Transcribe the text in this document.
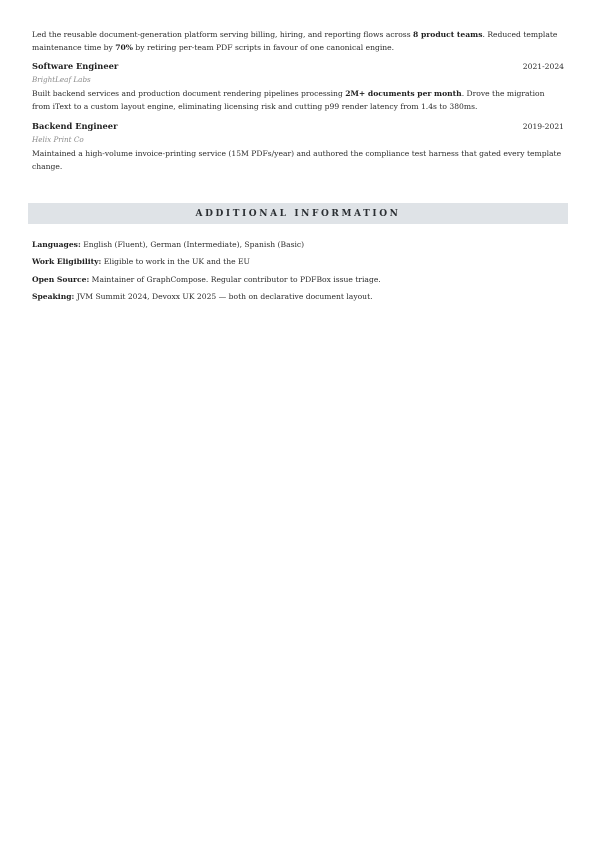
Led the reusable document-generation platform serving billing, hiring, and reporting flows across 8 product teams. Reduced template maintenance time by 70% by retiring per-team PDF scripts in favour of one canonical engine.

Software Engineer	2021-2024

BrightLeaf Labs

Built backend services and production document rendering pipelines processing 2M+ documents per month. Drove the migration from iText to a custom layout engine, eliminating licensing risk and cutting p99 render latency from 1.4s to 380ms.

Backend Engineer	2019-2021

Helix Print Co

Maintained a high-volume invoice-printing service (15M PDFs/year) and authored the compliance test harness that gated every template change.

ADDITIONAL INFORMATION

Languages: English (Fluent), German (Intermediate), Spanish (Basic)

Work Eligibility: Eligible to work in the UK and the EU

Open Source: Maintainer of GraphCompose. Regular contributor to PDFBox issue triage.

Speaking: JVM Summit 2024, Devoxx UK 2025 — both on declarative document layout.
